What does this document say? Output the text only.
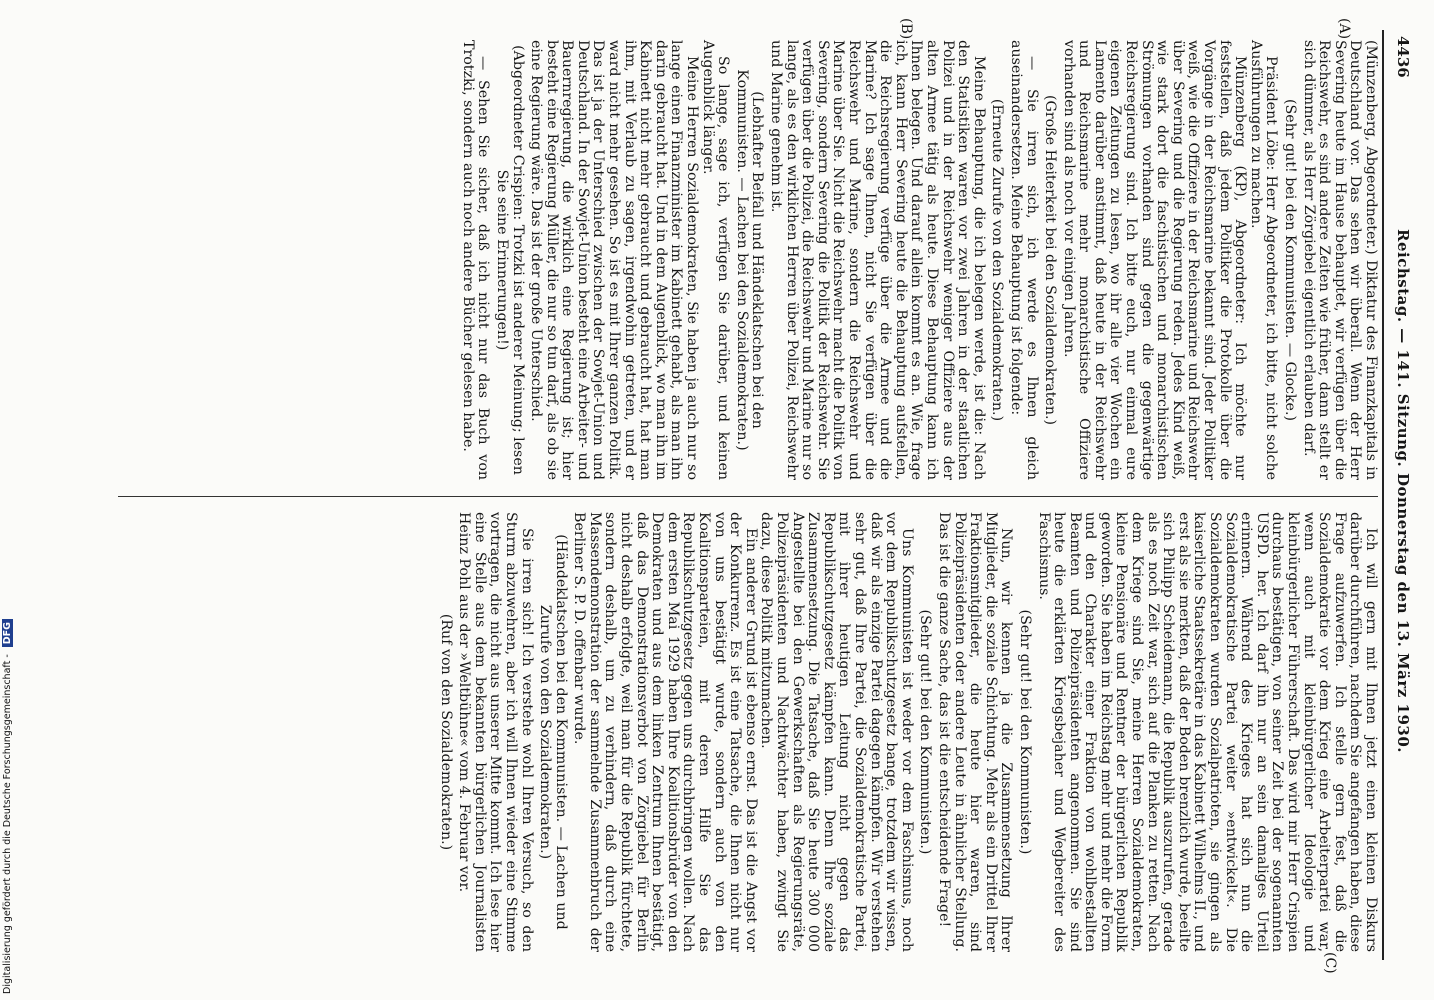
4436
Reichstag. — 141. Sitzung. Donnerstag den 13. März 1930.

(Münzenberg, Abgeordneter.) Diktatur des Finanzkapitals in Deutschland vor. Das sehen wir überall. Wenn der Herr Severing heute im Hause behauptet, wir verfügen über die Reichswehr, es sind andere Zeiten wie früher, dann stellt er sich dümmer, als Herr Zörgiebel eigentlich erlauben darf.

(Sehr gut! bei den Kommunisten. — Glocke.)

Präsident Löbe: Herr Abgeordneter, ich bitte, nicht solche Ausführungen zu machen.

Münzenberg (KP), Abgeordneter: Ich möchte nur feststellen, daß jedem Politiker die Protokolle über die Vorgänge in der Reichsmarine bekannt sind. Jeder Politiker weiß, wie die Offiziere in der Reichsmarine und Reichswehr über Severing und die Regierung reden. Jedes Kind weiß, wie stark dort die faschistischen und monarchistischen Strömungen vorhanden sind gegen die gegenwärtige Reichsregierung sind. Ich bitte euch, nur einmal eure eigenen Zeitungen zu lesen, wo ihr alle vier Wochen ein Lamento darüber anstimmt, daß heute in der Reichswehr und Reichsmarine mehr monarchistische Offiziere vorhanden sind als noch vor einigen Jahren.

(Große Heiterkeit bei den Sozialdemokraten.)

— Sie irren sich, ich werde es Ihnen gleich auseinandersetzen. Meine Behauptung ist folgende:

(Erneute Zurufe von den Sozialdemokraten.)

Meine Behauptung, die ich belegen werde, ist die: Nach den Statistiken waren vor zwei Jahren in der staatlichen Polizei und in der Reichswehr weniger Offiziere aus der alten Armee tätig als heute. Diese Behauptung kann ich Ihnen belegen. Und darauf allein kommt es an. Wie, frage ich, kann Herr Severing heute die Behauptung aufstellen, die Reichsregierung verfüge über die Armee und die Marine? Ich sage Ihnen, nicht Sie verfügen über die Reichswehr und Marine, sondern die Reichswehr und Marine über Sie. Nicht die Reichswehr macht die Politik von Severing, sondern Severing die Politik der Reichswehr. Sie verfügen über die Polizei, die Reichswehr und Marine nur so lange, als es den wirklichen Herren über Polizei, Reichswehr und Marine genehm ist.

(Lebhafter Beifall und Händeklatschen bei den Kommunisten. — Lachen bei den Sozialdemokraten.)

So lange, sage ich, verfügen Sie darüber, und keinen Augenblick länger.

Meine Herren Sozialdemokraten, Sie haben ja auch nur so lange einen Finanzminister im Kabinett gehabt, als man ihn darin gebraucht hat. Und in dem Augenblick, wo man ihn im Kabinett nicht mehr gebraucht und gebraucht hat, hat man ihm, mit Verlaub zu sagen, irgendwohin getreten, und er ward nicht mehr gesehen. So ist es mit Ihrer ganzen Politik. Das ist ja der Unterschied zwischen der Sowjet-Union und Deutschland. In der Sowjet-Union besteht eine Arbeiter- und Bauernregierung, die wirklich eine Regierung ist; hier besteht eine Regierung Müller, die nur so tun darf, als ob sie eine Regierung wäre. Das ist der große Unterschied.

(Abgeordneter Crispien: Trotzki ist anderer Meinung; lesen Sie seine Erinnerungen!)

— Sehen Sie sicher, daß ich nicht nur das Buch von Trotzki, sondern auch noch andere Bücher gelesen habe.

Ich will gern mit Ihnen jetzt einen kleinen Diskurs darüber durchführen, nachdem Sie angefangen haben, diese Frage aufzuwerfen. Ich stelle gern fest, daß die Sozialdemokratie vor dem Krieg eine Arbeiterpartei war, wenn auch mit kleinbürgerlicher Ideologie und kleinbürgerlicher Führerschaft. Das wird mir Herr Crispien durchaus bestätigen, von seiner Zeit bei der sogenannten USPD. her. Ich darf ihn nur an sein damaliges Urteil erinnern. Während des Krieges hat sich nun die Sozialdemokratische Partei weiter »entwickelt«. Die Sozialdemokraten wurden Sozialpatrioten, sie gingen als kaiserliche Staatssekretäre in das Kabinett Wilhelms II., und erst als sie merkten, daß der Boden brenzlich wurde, beeilte sich Philipp Scheidemann, die Republik auszurufen, gerade als es noch Zeit war, sich auf die Planken zu retten. Nach dem Kriege sind Sie, meine Herren Sozialdemokraten, kleine Pensionäre und Rentner der bürgerlichen Republik geworden. Sie haben im Reichstag mehr und mehr die Form und den Charakter einer Fraktion von wohlbestallten Beamten und Polizeipräsidenten angenommen. Sie sind heute die erklärten Kriegsbejaher und Wegbereiter des Faschismus.

(Sehr gut! bei den Kommunisten.)

Nun, wir kennen ja die Zusammensetzung Ihrer Mitglieder, die soziale Schichtung. Mehr als ein Drittel Ihrer Fraktionsmitglieder, die heute hier waren, sind Polizeipräsidenten oder andere Leute in ähnlicher Stellung. Das ist die ganze Sache, das ist die entscheidende Frage!

(Sehr gut! bei den Kommunisten.)

Uns Kommunisten ist weder vor dem Faschismus, noch vor dem Republikschutzgesetz bange, trotzdem wir wissen, daß wir als einzige Partei dagegen kämpfen. Wir verstehen sehr gut, daß Ihre Partei, die Sozialdemokratische Partei, mit ihrer heutigen Leitung nicht gegen das Republikschutzgesetz kämpfen kann. Denn Ihre soziale Zusammensetzung. Die Tatsache, daß Sie heute 300 000 Angestellte bei den Gewerkschaften als Regierungsräte, Polizeipräsidenten und Nachtwächter haben, zwingt Sie dazu, diese Politik mitzumachen.

Ein anderer Grund ist ebenso ernst. Das ist die Angst vor der Konkurrenz. Es ist eine Tatsache, die Ihnen nicht nur von uns bestätigt wurde, sondern auch von den Koalitionsparteien, mit deren Hilfe Sie das Republikschutzgesetz gegen uns durchbringen wollen. Nach dem ersten Mai 1929 haben Ihre Koalitionsbrüder von den Demokraten und aus dem linken Zentrum Ihnen bestätigt, daß das Demonstrationsverbot von Zörgiebel für Berlin nicht deshalb erfolgte, weil man für die Republik fürchtete, sondern deshalb, um zu verhindern, daß durch eine Massendemonstration der sammelnde Zusammenbruch der Berliner S. P. D. offenbar wurde.

(Händeklatschen bei den Kommunisten. — Lachen und Zurufe von den Sozialdemokraten.)

Sie irren sich! Ich verstehe wohl Ihren Versuch, so den Sturm abzuwehren, aber ich will Ihnen wieder eine Stimme vortragen, die nicht aus unserer Mitte kommt. Ich lese hier eine Stelle aus dem bekannten bürgerlichen Journalisten Heinz Pohl aus der »Weltbühne« vom 4. Februar vor.

(Ruf von den Sozialdemokraten.)

(A)
(B)
(C)
Digitalisierung gefördert durch die Deutsche Forschungsgemeinschaft - DFG
